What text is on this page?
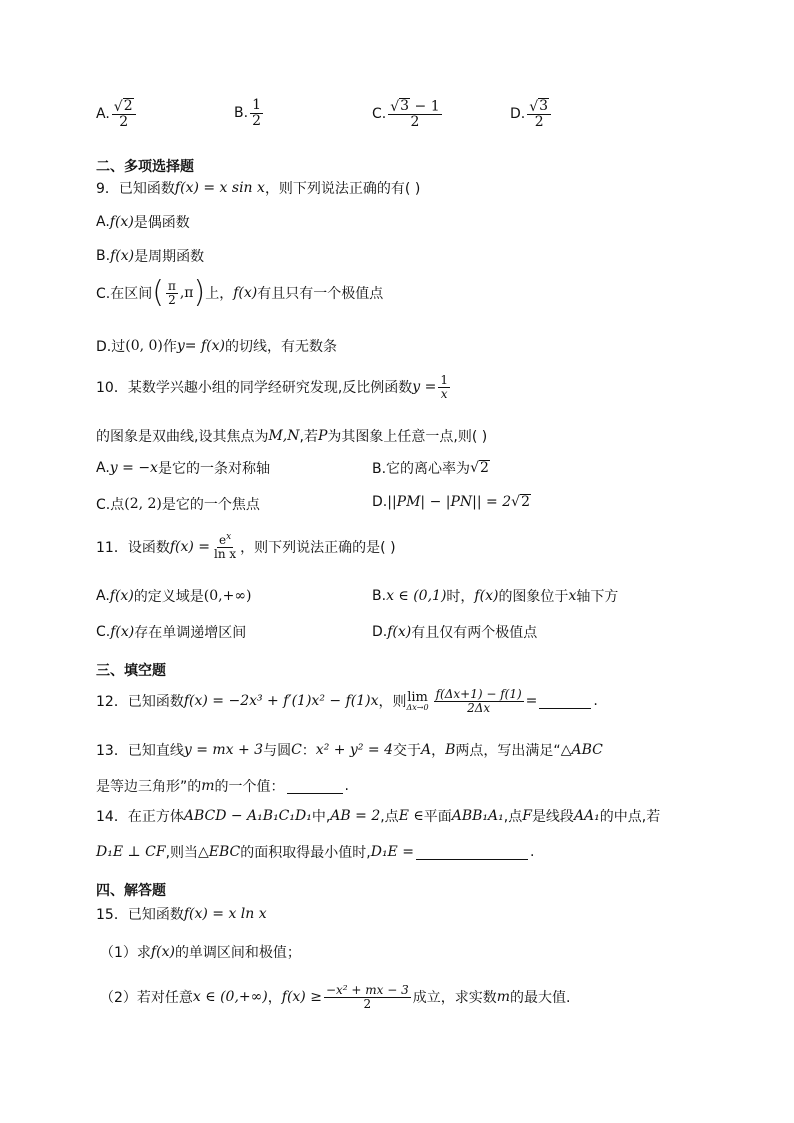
A. $\frac{√ 2}{2}$	B. $\frac{1}{2}$	C. $\frac{√ 3 - 1}{2}$	D. $\frac{√ 3}{2}$
二、多项选择题
9．已知函数 f(x) = x sin x ，则下列说法正确的有( )
A. f(x) 是偶函数
B. f(x) 是周期函数
C.在区间 ( $\frac{\pi}{2} ,\pi$ ) 上， f(x) 有且只有一个极值点
D.过 (0, 0) 作 y= f(x) 的切线，有无数条
10．某数学兴趣小组的同学经研究发现,反比例函数 $y = \frac{1}{x}$
的图象是双曲线,设其焦点为 M,N ,若 P 为其图象上任意一点,则( )
A. y = −x 是它的一条对称轴	B.它的离心率为 √ 2
C.点 (2, 2) 是它的一个焦点	D. ||PM| − |PN|| = 2 √ 2
11．设函数 $f(x) = \frac{e^x}{\text{ln x}}$ ，则下列说法正确的是( )
A. f(x) 的定义域是 (0,+∞)	B. x ∈ (0,1) 时， f(x) 的图象位于 x 轴下方
C. f(x) 存在单调递增区间	D. f(x) 有且仅有两个极值点
三、填空题
12．已知函数 f(x) = −2x³ + f′(1)x² − f(1)x ，则 lim
$\Delta x\to 0 \frac{f(\Delta x+1) - f(1)}{2\Delta x}$ =	.
13．已知直线 y = mx + 3 与圆 C ： x² + y² = 4 交于 A ， B 两点，写出满足“ △ABC
是等边三角形”的 m 的一个值：	.
14．在正方体 ABCD − A₁B₁C₁D₁ 中, AB = 2 ,点 E ∈ 平面 ABB₁A₁ ,点 F 是线段 AA₁ 的中点,若
D₁E ⊥ CF ,则当 △EBC 的面积取得最小值时, D₁E =	.
四、解答题
15．已知函数 f(x) = x ln x
（1）求 f(x) 的单调区间和极值；
（2）若对任意 x ∈ (0,+∞) ， $f(x) \ge \frac{\text{−x² + mx − 3}}{2}$ 成立，求实数 m 的最大值.
